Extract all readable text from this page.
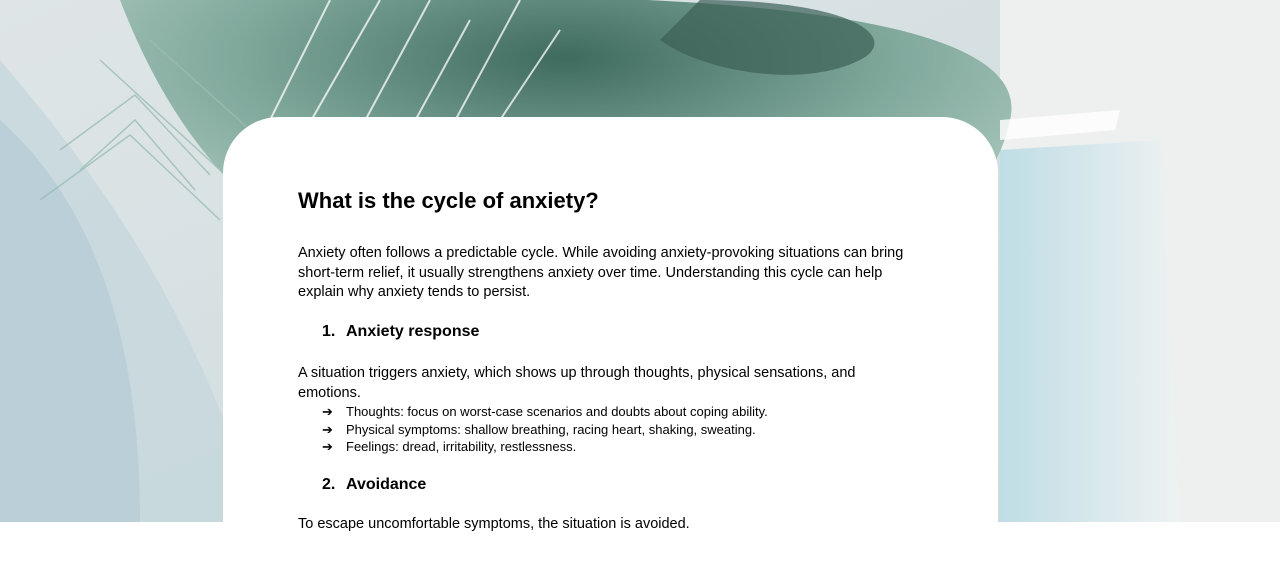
What is the cycle of anxiety?

Anxiety often follows a predictable cycle. While avoiding anxiety-provoking situations can bring short-term relief, it usually strengthens anxiety over time. Understanding this cycle can help explain why anxiety tends to persist.

1. Anxiety response

A situation triggers anxiety, which shows up through thoughts, physical sensations, and emotions.

➔	Thoughts: focus on worst-case scenarios and doubts about coping ability.
➔	Physical symptoms: shallow breathing, racing heart, shaking, sweating.
➔	Feelings: dread, irritability, restlessness.
2. Avoidance

To escape uncomfortable symptoms, the situation is avoided.
